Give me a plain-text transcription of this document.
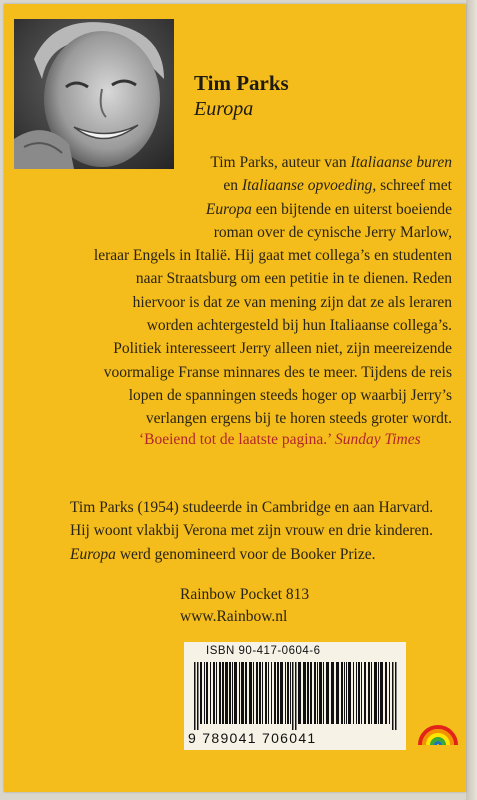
Tim Parks
Europa
Tim Parks, auteur van Italiaanse buren
en Italiaanse opvoeding, schreef met
Europa een bijtende en uiterst boeiende
roman over de cynische Jerry Marlow,
leraar Engels in Italië. Hij gaat met collega’s en studenten
naar Straatsburg om een petitie in te dienen. Reden
hiervoor is dat ze van mening zijn dat ze als leraren
worden achtergesteld bij hun Italiaanse collega’s.
Politiek interesseert Jerry alleen niet, zijn meereizende
voormalige Franse minnares des te meer. Tijdens de reis
lopen de spanningen steeds hoger op waarbij Jerry’s
verlangen ergens bij te horen steeds groter wordt.
‘Boeiend tot de laatste pagina.’ Sunday Times
Tim Parks (1954) studeerde in Cambridge en aan Harvard.
Hij woont vlakbij Verona met zijn vrouw en drie kinderen.
Europa werd genomineerd voor de Booker Prize.
Rainbow Pocket 813
www.Rainbow.nl
ISBN 90-417-0604-6
9 789041 706041
